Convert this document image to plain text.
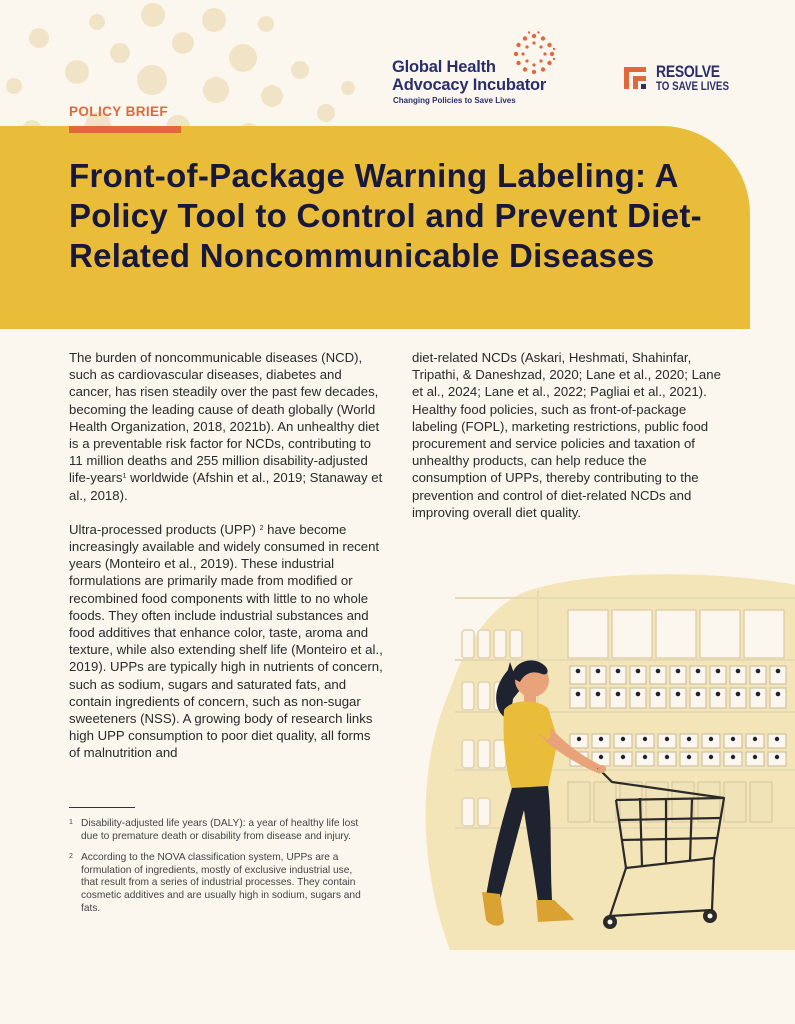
Global Health
Advocacy Incubator
Changing Policies to Save Lives
RESOLVE
TO SAVE LIVES
POLICY BRIEF
Front-of-Package Warning Labeling: A Policy Tool to Control and Prevent Diet-Related Noncommunicable Diseases

The burden of noncommunicable diseases (NCD), such as cardiovascular diseases, diabetes and cancer, has risen steadily over the past few decades, becoming the leading cause of death globally (World Health Organization, 2018, 2021b). An unhealthy diet is a preventable risk factor for NCDs, contributing to 11 million deaths and 255 million disability-adjusted life-years$^1$ worldwide (Afshin et al., 2019; Stanaway et al., 2018).

Ultra-processed products (UPP) $^2$ have become increasingly available and widely consumed in recent years (Monteiro et al., 2019). These industrial formulations are primarily made from modified or recombined food components with little to no whole foods. They often include industrial substances and food additives that enhance color, taste, aroma and texture, while also extending shelf life (Monteiro et al., 2019). UPPs are typically high in nutrients of concern, such as sodium, sugars and saturated fats, and contain ingredients of concern, such as non-sugar sweeteners (NSS). A growing body of research links high UPP consumption to poor diet quality, all forms of malnutrition and

diet-related NCDs (Askari, Heshmati, Shahinfar, Tripathi, & Daneshzad, 2020; Lane et al., 2020; Lane et al., 2024; Lane et al., 2022; Pagliai et al., 2021). Healthy food policies, such as front-of-package labeling (FOPL), marketing restrictions, public food procurement and service policies and taxation of unhealthy products, can help reduce the consumption of UPPs, thereby contributing to the prevention and control of diet-related NCDs and improving overall diet quality.

1 Disability-adjusted life years (DALY): a year of healthy life lost due to premature death or disability from disease and injury.
2 According to the NOVA classification system, UPPs are a formulation of ingredients, mostly of exclusive industrial use, that result from a series of industrial processes. They contain cosmetic additives and are usually high in sodium, sugars and fats.
